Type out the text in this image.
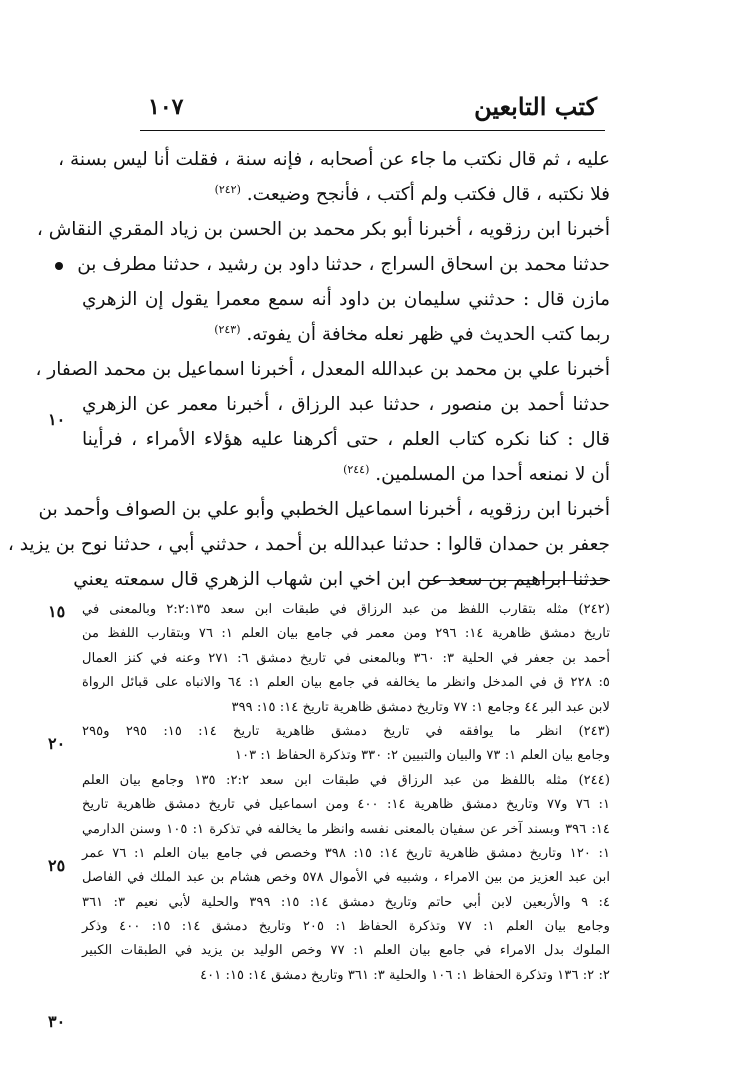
١٠٧	كتب التابعين
١٠
عليه ، ثم قال نكتب ما جاء عن أصحابه ، فإنه سنة ، فقلت أنا ليس بسنة ،
فلا نكتبه ، قال فكتب ولم أكتب ، فأنجح وضيعت. $^{(٢٤٢)}$
أخبرنا ابن رزقويه ، أخبرنا أبو بكر محمد بن الحسن بن زياد المقري النقاش ،
حدثنا محمد بن اسحاق السراج ، حدثنا داود بن رشيد ، حدثنا مطرف بن
مازن قال : حدثني سليمان بن داود أنه سمع معمرا يقول إن الزهري
ربما كتب الحديث في ظهر نعله مخافة أن يفوته. $^{(٢٤٣)}$
أخبرنا علي بن محمد بن عبدالله المعدل ، أخبرنا اسماعيل بن محمد الصفار ،
حدثنا أحمد بن منصور ، حدثنا عبد الرزاق ، أخبرنا معمر عن الزهري
قال : كنا نكره كتاب العلم ، حتى أكرهنا عليه هؤلاء الأمراء ، فرأينا
أن لا نمنعه أحدا من المسلمين. $^{(٢٤٤)}$
أخبرنا ابن رزقويه ، أخبرنا اسماعيل الخطبي وأبو علي بن الصواف وأحمد بن
جعفر بن حمدان قالوا : حدثنا عبدالله بن أحمد ، حدثني أبي ، حدثنا نوح بن يزيد ،
حدثنا ابراهيم بن سعد عن ابن اخي ابن شهاب الزهري قال سمعته يعني
١٥
٢٠
٢٥
٣٠
(٢٤٢) مثله بتقارب اللفظ من عبد الرزاق في طبقات ابن سعد ٢:٢:١٣٥ وبالمعنى في
تاريخ دمشق ظاهرية ١٤: ٢٩٦ ومن معمر في جامع بيان العلم ١: ٧٦ وبتقارب اللفظ من
أحمد بن جعفر في الحلية ٣: ٣٦٠ وبالمعنى في تاريخ دمشق ٦: ٢٧١ وعنه في كنز العمال
٥: ٢٢٨ ق في المدخل وانظر ما يخالفه في جامع بيان العلم ١: ٦٤ والانباه على قبائل الرواة
لابن عبد البر ٤٤ وجامع ١: ٧٧ وتاريخ دمشق ظاهرية تاريخ ١٤: ١٥: ٣٩٩
(٢٤٣) انظر ما يوافقه في تاريخ دمشق ظاهرية تاريخ ١٤: ١٥: ٢٩٥ و٢٩٥
وجامع بيان العلم ١: ٧٣ والبيان والتبيين ٢: ٣٣٠ وتذكرة الحفاظ ١: ١٠٣
(٢٤٤) مثله باللفظ من عبد الرزاق في طبقات ابن سعد ٢:٢: ١٣٥ وجامع بيان العلم
١: ٧٦ و٧٧ وتاريخ دمشق ظاهرية ١٤: ٤٠٠ ومن اسماعيل في تاريخ دمشق ظاهرية تاريخ
١٤: ٣٩٦ وبسند آخر عن سفيان بالمعنى نفسه وانظر ما يخالفه في تذكرة ١: ١٠٥ وسنن الدارمي
١: ١٢٠ وتاريخ دمشق ظاهرية تاريخ ١٤: ١٥: ٣٩٨ وخصص في جامع بيان العلم ١: ٧٦ عمر
ابن عبد العزيز من بين الامراء ، وشبيه في الأموال ٥٧٨ وخص هشام بن عبد الملك في الفاصل
٤: ٩ والأربعين لابن أبي حاتم وتاريخ دمشق ١٤: ١٥: ٣٩٩ والحلية لأبي نعيم ٣: ٣٦١
وجامع بيان العلم ١: ٧٧ وتذكرة الحفاظ ١: ٢٠٥ وتاريخ دمشق ١٤: ١٥: ٤٠٠ وذكر
الملوك بدل الامراء في جامع بيان العلم ١: ٧٧ وخص الوليد بن يزيد في الطبقات الكبير
٢: ٢: ١٣٦ وتذكرة الحفاظ ١: ١٠٦ والحلية ٣: ٣٦١ وتاريخ دمشق ١٤: ١٥: ٤٠١
